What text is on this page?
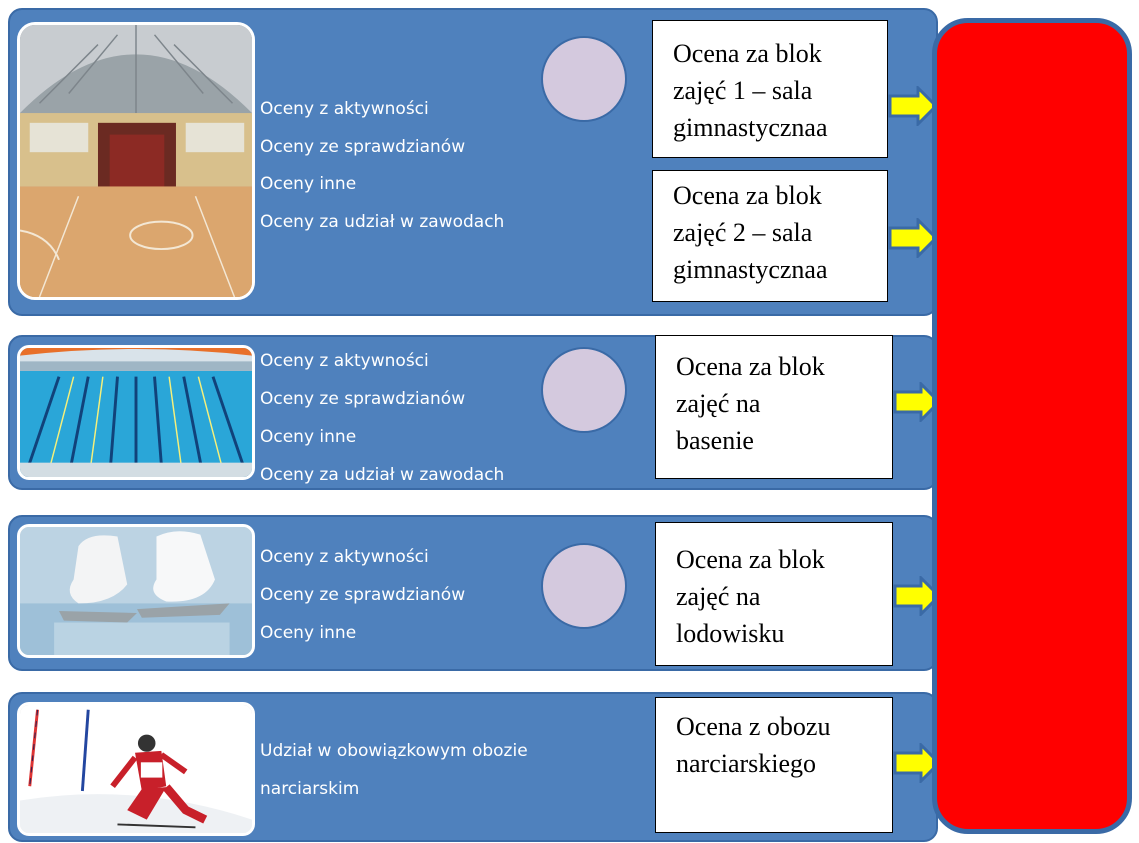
Oceny z aktywności
Oceny ze sprawdzianów
Oceny inne
Oceny za udział w zawodach
Ocena za blok
zajęć 1 – sala
gimnastycznaa
Ocena za blok
zajęć 2 – sala
gimnastycznaa
Oceny z aktywności
Oceny ze sprawdzianów
Oceny inne
Oceny za udział w zawodach
Ocena za blok
zajęć na
basenie
Oceny z aktywności
Oceny ze sprawdzianów
Oceny inne
Ocena za blok
zajęć na
lodowisku
Udział w obowiązkowym obozie
narciarskim
Ocena z obozu
narciarskiego
